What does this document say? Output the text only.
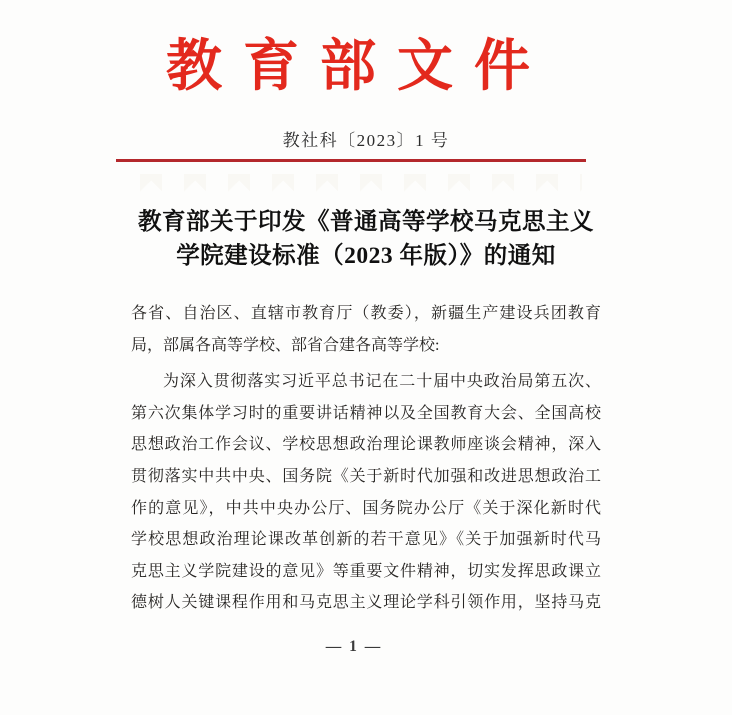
教育部文件
教社科〔2023〕1 号
教育部关于印发《普通高等学校马克思主义
学院建设标准（2023 年版）》的通知
各省、自治区、直辖市教育厅（教委），新疆生产建设兵团教育
局，部属各高等学校、部省合建各高等学校:
为深入贯彻落实习近平总书记在二十届中央政治局第五次、
第六次集体学习时的重要讲话精神以及全国教育大会、全国高校
思想政治工作会议、学校思想政治理论课教师座谈会精神，深入
贯彻落实中共中央、国务院《关于新时代加强和改进思想政治工
作的意见》，中共中央办公厅、国务院办公厅《关于深化新时代
学校思想政治理论课改革创新的若干意见》《关于加强新时代马
克思主义学院建设的意见》等重要文件精神，切实发挥思政课立
德树人关键课程作用和马克思主义理论学科引领作用，坚持马克
— 1 —
